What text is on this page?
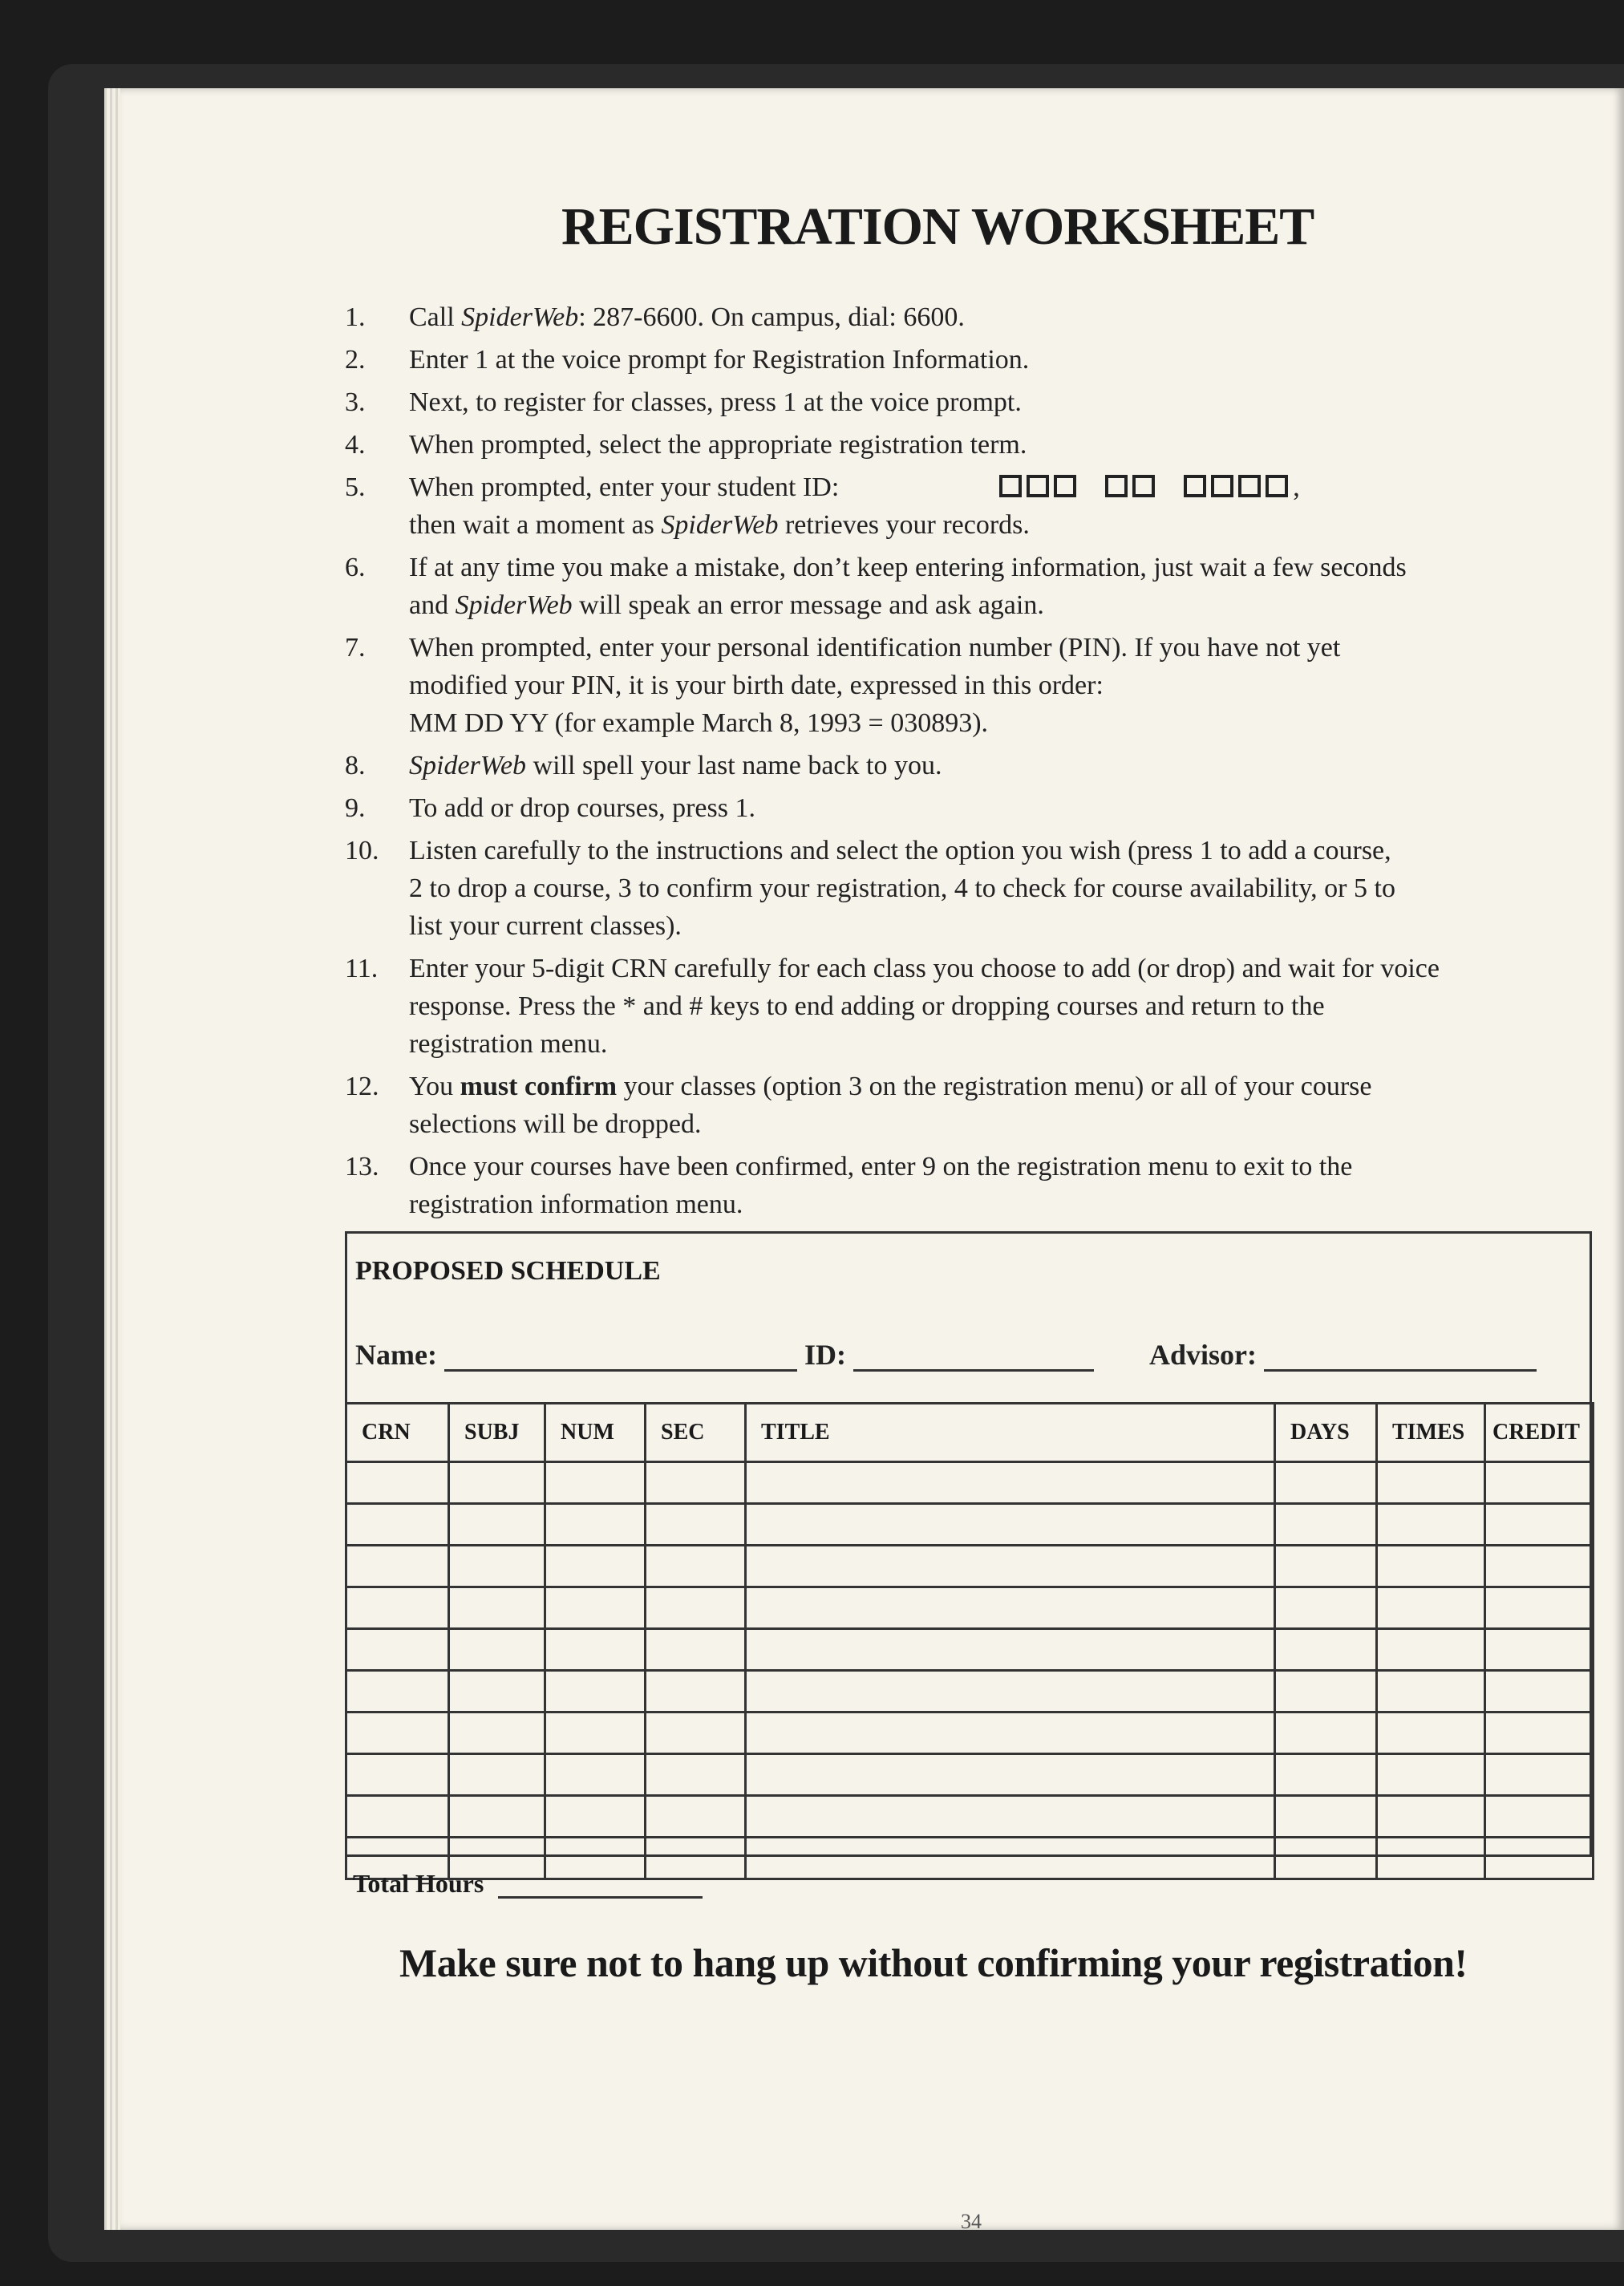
REGISTRATION WORKSHEET
1.	Call SpiderWeb: 287-6600. On campus, dial: 6600.
2.	Enter 1 at the voice prompt for Registration Information.
3.	Next, to register for classes, press 1 at the voice prompt.
4.	When prompted, select the appropriate registration term.
5.	When prompted, enter your student ID:	,
then wait a moment as SpiderWeb retrieves your records.
6.	If at any time you make a mistake, don’t keep entering information, just wait a few seconds
and SpiderWeb will speak an error message and ask again.
7.	When prompted, enter your personal identification number (PIN). If you have not yet
modified your PIN, it is your birth date, expressed in this order:
MM DD YY (for example March 8, 1993 = 030893).
8.	SpiderWeb will spell your last name back to you.
9.	To add or drop courses, press 1.
10.	Listen carefully to the instructions and select the option you wish (press 1 to add a course,
2 to drop a course, 3 to confirm your registration, 4 to check for course availability, or 5 to
list your current classes).
11.	Enter your 5-digit CRN carefully for each class you choose to add (or drop) and wait for voice
response. Press the * and # keys to end adding or dropping courses and return to the
registration menu.
12.	You must confirm your classes (option 3 on the registration menu) or all of your course
selections will be dropped.
13.	Once your courses have been confirmed, enter 9 on the registration menu to exit to the
registration information menu.
PROPOSED SCHEDULE
Name:	ID:	Advisor:
CRN	SUBJ	NUM	SEC	TITLE	DAYS	TIMES	CREDIT

Total Hours
Make sure not to hang up without confirming your registration!
34
